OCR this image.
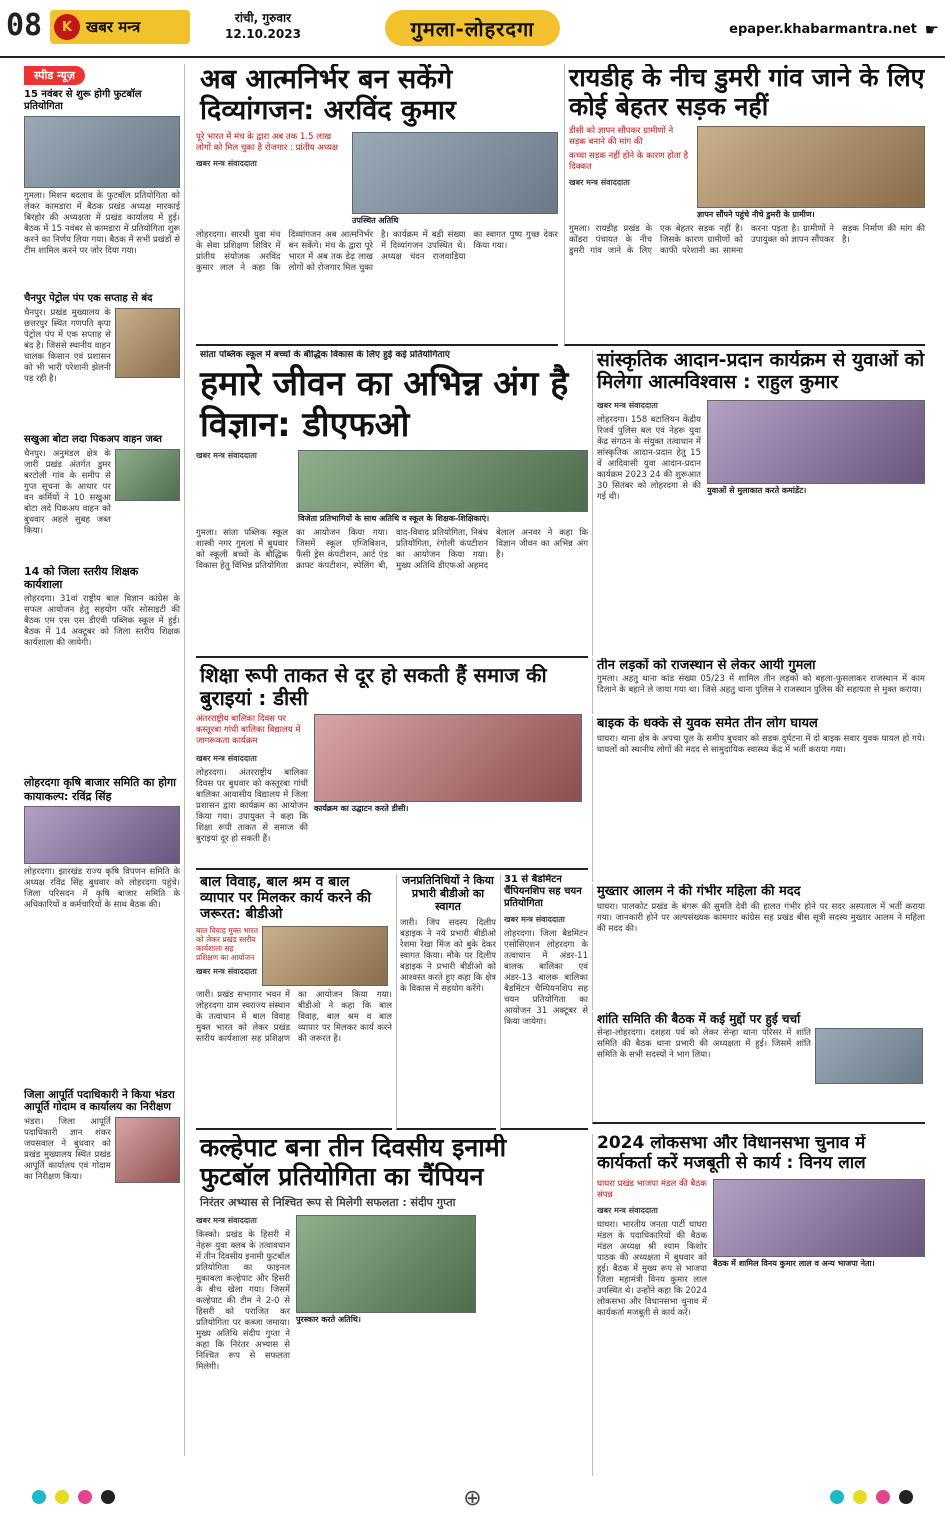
08	K खबर मन्त्र	रांची, गुरुवार
12.10.2023	गुमला-लोहरदगा	epaper.khabarmantra.net ☛
स्पीड न्यूज़
15 नवंबर से शुरू होगी फुटबॉल प्रतियोगिता
गुमला। मिशन बदलाव के फुटबॉल प्रतियोगिता को लेकर कामडारा में बैठक प्रखंड अध्यक्ष मारकाई बिरहोर की अध्यक्षता में प्रखंड कार्यालय में हुई। बैठक में 15 नवंबर से कामडारा में प्रतियोगिता शुरू करने का निर्णय लिया गया। बैठक में सभी प्रखंडों से टीम शामिल करने पर जोर दिया गया।
चैनपुर पेट्रोल पंप एक सप्ताह से बंद
चैनपुर। प्रखंड मुख्यालय के छत्तरपुर स्थित गणपति कृपा पेट्रोल पंप में एक सप्ताह से बंद है। जिससे स्थानीय वाहन चालक किसान एवं प्रशासन को भी भारी परेशानी झेलनी पड़ रही है।
सखुआ बोटा लदा पिकअप वाहन जब्त
चैनपुर। अनुमंडल क्षेत्र के जारी प्रखंड अंतर्गत डुमर बरटोली गांव के समीप से गुप्त सूचना के आधार पर वन कर्मियों ने 10 सखुआ बोटा लदे पिकअप वाहन को बुधवार अहले सुबह जब्त किया।
14 को जिला स्तरीय शिक्षक कार्यशाला
लोहरदगा। 31वां राष्ट्रीय बाल विज्ञान कांग्रेस के सफल आयोजन हेतु सहयोग फॉर सोसाइटी की बैठक एम एस एस डीएवी पब्लिक स्कूल में हुई। बैठक में 14 अक्टूबर को जिला स्तरीय शिक्षक कार्यशाला की जायेगी।
लोहरदगा कृषि बाजार समिति का होगा कायाकल्प: रविंद्र सिंह
लोहरदगा। झारखंड राज्य कृषि विपणन समिति के अध्यक्ष रविंद्र सिंह बुधवार को लोहरदगा पहुंचे। जिला परिसदन में कृषि बाजार समिति के अधिकारियों व कर्मचारियों के साथ बैठक की।
जिला आपूर्ति पदाधिकारी ने किया भंडरा आपूर्ति गोदाम व कार्यालय का निरीक्षण
भंडरा। जिला आपूर्ति पदाधिकारी ज्ञान शंकर जयसवाल ने बुधवार को प्रखंड मुख्यालय स्थित प्रखंड आपूर्ति कार्यालय एवं गोदाम का निरीक्षण किया।
अब आत्मनिर्भर बन सकेंगे दिव्यांगजन: अरविंद कुमार
पूरे भारत में मंच के द्वारा अब तक 1.5 लाख लोगों को मिल चुका है रोजगार : प्रांतीय अध्यक्ष
खबर मन्त्र संवाददाता
उपस्थित अतिथि
लोहरदगा। सारथी युवा मंच के सेवा प्रशिक्षण शिविर में प्रांतीय संयोजक अरविंद कुमार लाल ने कहा कि दिव्यांगजन अब आत्मनिर्भर बन सकेंगे। मंच के द्वारा पूरे भारत में अब तक डेढ़ लाख लोगों को रोजगार मिल चुका है। कार्यक्रम में बड़ी संख्या में दिव्यांगजन उपस्थित थे। अध्यक्ष चंदन राजवाड़िया का स्वागत पुष्प गुच्छ देकर किया गया।
रायडीह के नीच डुमरी गांव जाने के लिए कोई बेहतर सड़क नहीं
डीसी को ज्ञापन सौंपकर ग्रामीणों ने सड़क बनाने की मांग की
कच्चा सड़क नहीं होने के कारण होता है दिक्कत
खबर मन्त्र संवाददाता
ज्ञापन सौंपने पहुंचे नीचे डुमरी के ग्रामीण।
गुमला। रायडीह प्रखंड के कोंडरा पंचायत के नीच डुमरी गांव जाने के लिए एक बेहतर सड़क नहीं है। जिसके कारण ग्रामीणों को काफी परेशानी का सामना करना पड़ता है। ग्रामीणों ने उपायुक्त को ज्ञापन सौंपकर सड़क निर्माण की मांग की है।
सांता पब्लिक स्कूल में बच्चों के बौद्धिक विकास के लिए हुई कई प्रतियोगिताएं
हमारे जीवन का अभिन्न अंग है विज्ञान: डीएफओ
खबर मन्त्र संवाददाता
विजेता प्रतिभागियों के साथ अतिथि व स्कूल के शिक्षक-शिक्षिकाएं।
गुमला। सांता पब्लिक स्कूल शास्त्री नगर गुमला में बुधवार को स्कूली बच्चों के बौद्धिक विकास हेतु विभिन्न प्रतियोगिता का आयोजन किया गया। जिसमें स्कूल एग्जिबिशन, फैंसी ड्रेस कंपटीशन, आर्ट एंड क्राफ्ट कंपटीशन, स्पेलिंग बी, वाद-विवाद प्रतियोगिता, निबंध प्रतियोगिता, रंगोली कंपटीशन का आयोजन किया गया। मुख्य अतिथि डीएफओ अहमद बेलाल अनवर ने कहा कि विज्ञान जीवन का अभिन्न अंग है।
सांस्कृतिक आदान-प्रदान कार्यक्रम से युवाओं को मिलेगा आत्मविश्वास : राहुल कुमार
खबर मन्त्र संवाददाता
लोहरदगा। 158 बटालियन केंद्रीय रिजर्व पुलिस बल एवं नेहरू युवा केंद्र संगठन के संयुक्त तत्वाधान में सांस्कृतिक आदान-प्रदान हेतु 15 वें आदिवासी युवा आदान-प्रदान कार्यक्रम 2023 24 की शुरूआत 30 सितंबर को लोहरदगा से की गई थी।
युवाओं से मुलाकात करते कमांडेंट।
तीन लड़कों को राजस्थान से लेकर आयी गुमला
गुमला। अहतु थाना कांड संख्या 05/23 में शामिल तीन लड़कों को बहला-फुसलाकर राजस्थान में काम दिलाने के बहाने ले जाया गया था। जिसे अहतु थाना पुलिस ने राजस्थान पुलिस की सहायता से मुक्त कराया।
बाइक के धक्के से युवक समेत तीन लोग घायल
घाघरा। थाना क्षेत्र के अपचा पुल के समीप बुधवार को सड़क दुर्घटना में दो बाइक सवार युवक घायल हो गये। घायलों को स्थानीय लोगों की मदद से सामुदायिक स्वास्थ्य केंद्र में भर्ती कराया गया।
शिक्षा रूपी ताकत से दूर हो सकती हैं समाज की बुराइयां : डीसी
अंतरराष्ट्रीय बालिका दिवस पर कस्तूरबा गांधी बालिका विद्यालय में जागरूकता कार्यक्रम
खबर मन्त्र संवाददाता
लोहरदगा। अंतरराष्ट्रीय बालिका दिवस पर बुधवार को कस्तूरबा गांधी बालिका आवासीय विद्यालय में जिला प्रशासन द्वारा कार्यक्रम का आयोजन किया गया। उपायुक्त ने कहा कि शिक्षा रूपी ताकत से समाज की बुराइयां दूर हो सकती हैं।
कार्यक्रम का उद्घाटन करते डीसी।
मुख्तार आलम ने की गंभीर महिला की मदद
घाघरा। पालकोट प्रखंड के बंगरू की सुमति देवी की हालत गंभीर होने पर सदर अस्पताल में भर्ती कराया गया। जानकारी होने पर अल्पसंख्यक कामगार कांग्रेस सह प्रखंड बीस सूत्री सदस्य मुख्तार आलम ने महिला की मदद की।
शांति समिति की बैठक में कई मुद्दों पर हुई चर्चा
सेन्हा-लोहरदगा। दशहरा पर्व को लेकर सेन्हा थाना परिसर में शांति समिति की बैठक थाना प्रभारी की अध्यक्षता में हुई। जिसमें शांति समिति के सभी सदस्यों ने भाग लिया।
बाल विवाह, बाल श्रम व बाल व्यापार पर मिलकर कार्य करने की जरूरत: बीडीओ
बाल विवाह मुक्त भारत को लेकर प्रखंड स्तरीय कार्यशाला सह प्रशिक्षण का आयोजन
खबर मन्त्र संवाददाता
जारी। प्रखंड सभागार भवन में लोहरदगा ग्राम स्वराज्य संस्थान के तत्वाधान में बाल विवाह मुक्त भारत को लेकर प्रखंड स्तरीय कार्यशाला सह प्रशिक्षण का आयोजन किया गया। बीडीओ ने कहा कि बाल विवाह, बाल श्रम व बाल व्यापार पर मिलकर कार्य करने की जरूरत है।
जनप्रतिनिधियों ने किया प्रभारी बीडीओ का स्वागत
जारी। जिप सदस्य दिलीप बड़ाइक ने नये प्रभारी बीडीओ रेशमा रेखा मिंज को बुके देकर स्वागत किया। मौके पर दिलीप बड़ाइक ने प्रभारी बीडीओ को आश्वस्त करते हुए कहा कि क्षेत्र के विकास में सहयोग करेंगे।
31 से बैडमिंटन चैंपियनशिप सह चयन प्रतियोगिता
खबर मन्त्र संवाददाता
लोहरदगा। जिला बैडमिंटन एसोसिएशन लोहरदगा के तत्वाधान में अंडर-11 बालक बालिका एवं अंडर-13 बालक बालिका बैडमिंटन चैम्पियनशिप सह चयन प्रतियोगिता का आयोजन 31 अक्टूबर से किया जायेगा।
कल्हेपाट बना तीन दिवसीय इनामी फुटबॉल प्रतियोगिता का चैंपियन
निरंतर अभ्यास से निश्चित रूप से मिलेगी सफलता : संदीप गुप्ता
खबर मन्त्र संवाददाता
किस्को। प्रखंड के हिसरी में नेहरू युवा क्लब के तत्वावधान में तीन दिवसीय इनामी फुटबॉल प्रतियोगिता का फाइनल मुकाबला कल्हेपाट और हिसरी के बीच खेला गया। जिसमें कल्हेपाट की टीम ने 2-0 से हिसरी को पराजित कर प्रतियोगिता पर कब्जा जमाया। मुख्य अतिथि संदीप गुप्ता ने कहा कि निरंतर अभ्यास से निश्चित रूप से सफलता मिलेगी।
पुरस्कार करते अतिथि।
2024 लोकसभा और विधानसभा चुनाव में कार्यकर्ता करें मजबूती से कार्य : विनय लाल
घाघरा प्रखंड भाजपा मंडल की बैठक संपन्न
खबर मन्त्र संवाददाता
घाघरा। भारतीय जनता पार्टी घाघरा मंडल के पदाधिकारियों की बैठक मंडल अध्यक्ष श्री श्याम किशोर पाठक की अध्यक्षता में बुधवार को हुई। बैठक में मुख्य रूप से भाजपा जिला महामंत्री विनय कुमार लाल उपस्थित थे। उन्होंने कहा कि 2024 लोकसभा और विधानसभा चुनाव में कार्यकर्ता मजबूती से कार्य करें।
बैठक में शामिल विनय कुमार लाल व अन्य भाजपा नेता।

⊕
